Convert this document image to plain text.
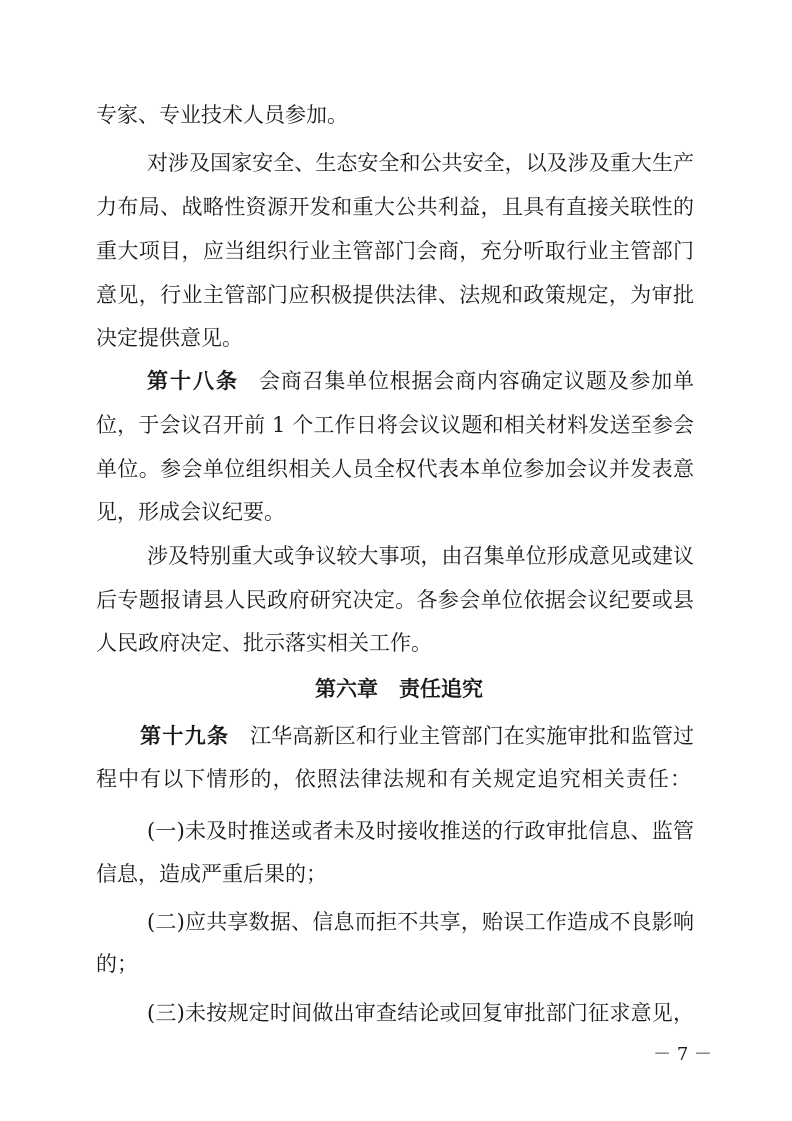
专家、专业技术人员参加。
对涉及国家安全、生态安全和公共安全，以及涉及重大生产
力布局、战略性资源开发和重大公共利益，且具有直接关联性的
重大项目，应当组织行业主管部门会商，充分听取行业主管部门
意见，行业主管部门应积极提供法律、法规和政策规定，为审批
决定提供意见。
第十八条 会商召集单位根据会商内容确定议题及参加单
位，于会议召开前 1 个工作日将会议议题和相关材料发送至参会
单位。参会单位组织相关人员全权代表本单位参加会议并发表意
见，形成会议纪要。
涉及特别重大或争议较大事项，由召集单位形成意见或建议
后专题报请县人民政府研究决定。各参会单位依据会议纪要或县
人民政府决定、批示落实相关工作。
第六章　责任追究
第十九条 江华高新区和行业主管部门在实施审批和监管过
程中有以下情形的，依照法律法规和有关规定追究相关责任：
(一)未及时推送或者未及时接收推送的行政审批信息、监管
信息，造成严重后果的；
(二)应共享数据、信息而拒不共享，贻误工作造成不良影响
的；
(三)未按规定时间做出审查结论或回复审批部门征求意见，
－ 7 －
